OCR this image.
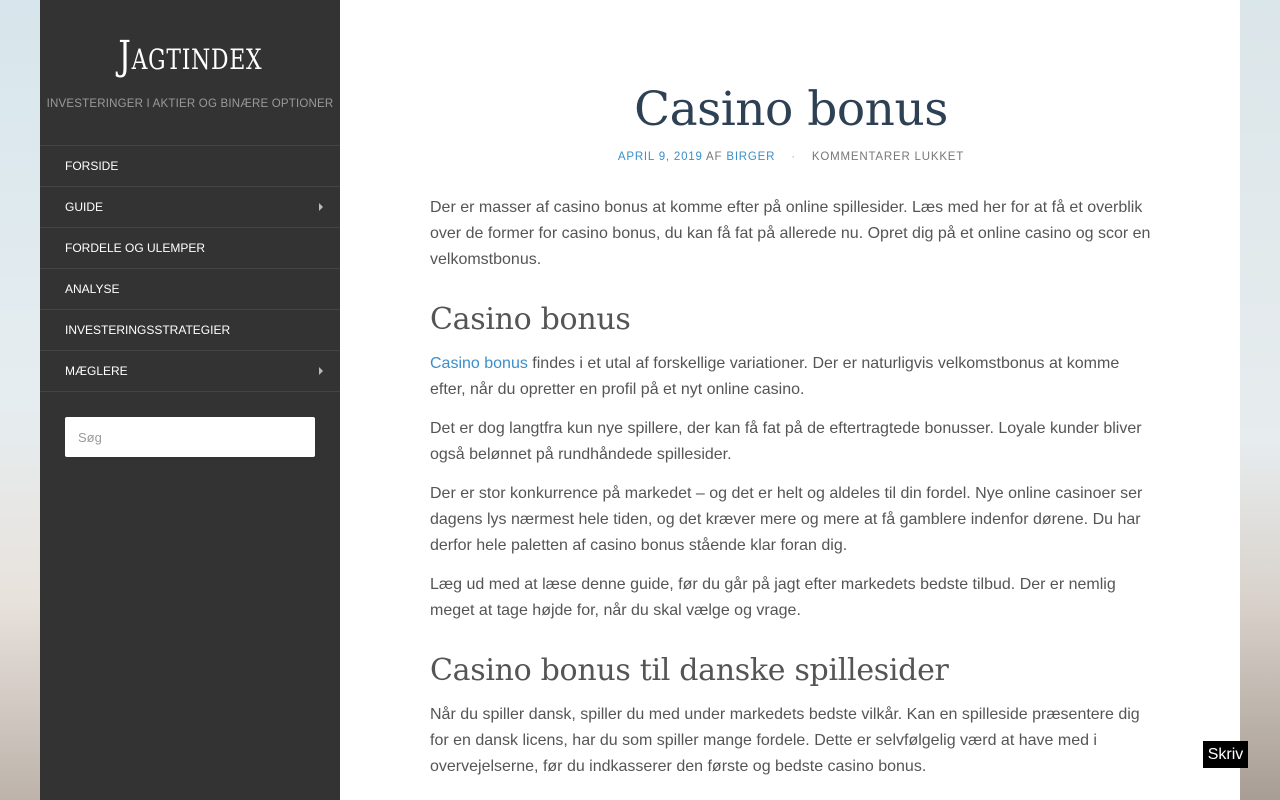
Jagtindex
INVESTERINGER I AKTIER OG BINÆRE OPTIONER
FORSIDE
GUIDE
FORDELE OG ULEMPER
ANALYSE
INVESTERINGSSTRATEGIER
MÆGLERE
Søg
Casino bonus
APRIL 9, 2019 AF BIRGER · KOMMENTARER LUKKET

Der er masser af casino bonus at komme efter på online spillesider. Læs med her for at få et overblik over de former for casino bonus, du kan få fat på allerede nu. Opret dig på et online casino og scor en velkomstbonus.

Casino bonus

Casino bonus findes i et utal af forskellige variationer. Der er naturligvis velkomstbonus at komme efter, når du opretter en profil på et nyt online casino.

Det er dog langtfra kun nye spillere, der kan få fat på de eftertragtede bonusser. Loyale kunder bliver også belønnet på rundhåndede spillesider.

Der er stor konkurrence på markedet – og det er helt og aldeles til din fordel. Nye online casinoer ser dagens lys nærmest hele tiden, og det kræver mere og mere at få gamblere indenfor dørene. Du har derfor hele paletten af casino bonus stående klar foran dig.

Læg ud med at læse denne guide, før du går på jagt efter markedets bedste tilbud. Der er nemlig meget at tage højde for, når du skal vælge og vrage.

Casino bonus til danske spillesider

Når du spiller dansk, spiller du med under markedets bedste vilkår. Kan en spilleside præsentere dig for en dansk licens, har du som spiller mange fordele. Dette er selvfølgelig værd at have med i overvejelserne, før du indkasserer den første og bedste casino bonus.

Skriv
